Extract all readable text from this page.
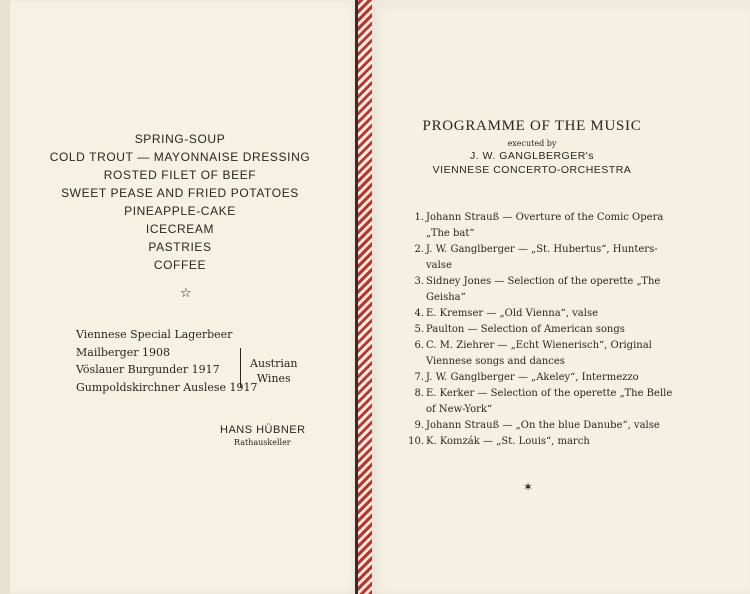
SPRING-SOUP
COLD TROUT — MAYONNAISE DRESSING
ROSTED FILET OF BEEF
SWEET PEASE AND FRIED POTATOES
PINEAPPLE-CAKE
ICECREAM
PASTRIES
COFFEE
☆
Viennese Special Lagerbeer
Mailberger 1908
Vöslauer Burgunder 1917
Gumpoldskirchner Auslese 1917
Austrian
Wines
HANS HÜBNER
Rathauskeller
PROGRAMME OF THE MUSIC
executed by
J. W. GANGLBERGER's
VIENNESE CONCERTO-ORCHESTRA
1. Johann Strauß — Overture of the Comic Opera „The bat“
2. J. W. Ganglberger — „St. Hubertus“, Hunters-valse
3. Sidney Jones — Selection of the operette „The Geisha“
4. E. Kremser — „Old Vienna“, valse
5. Paulton — Selection of American songs
6. C. M. Ziehrer — „Echt Wienerisch“, Original Viennese songs and dances
7. J. W. Ganglberger — „Akeley“, Intermezzo
8. E. Kerker — Selection of the operette „The Belle of New-York“
9. Johann Strauß — „On the blue Danube“, valse
10. K. Komzák — „St. Louis“, march
✶
